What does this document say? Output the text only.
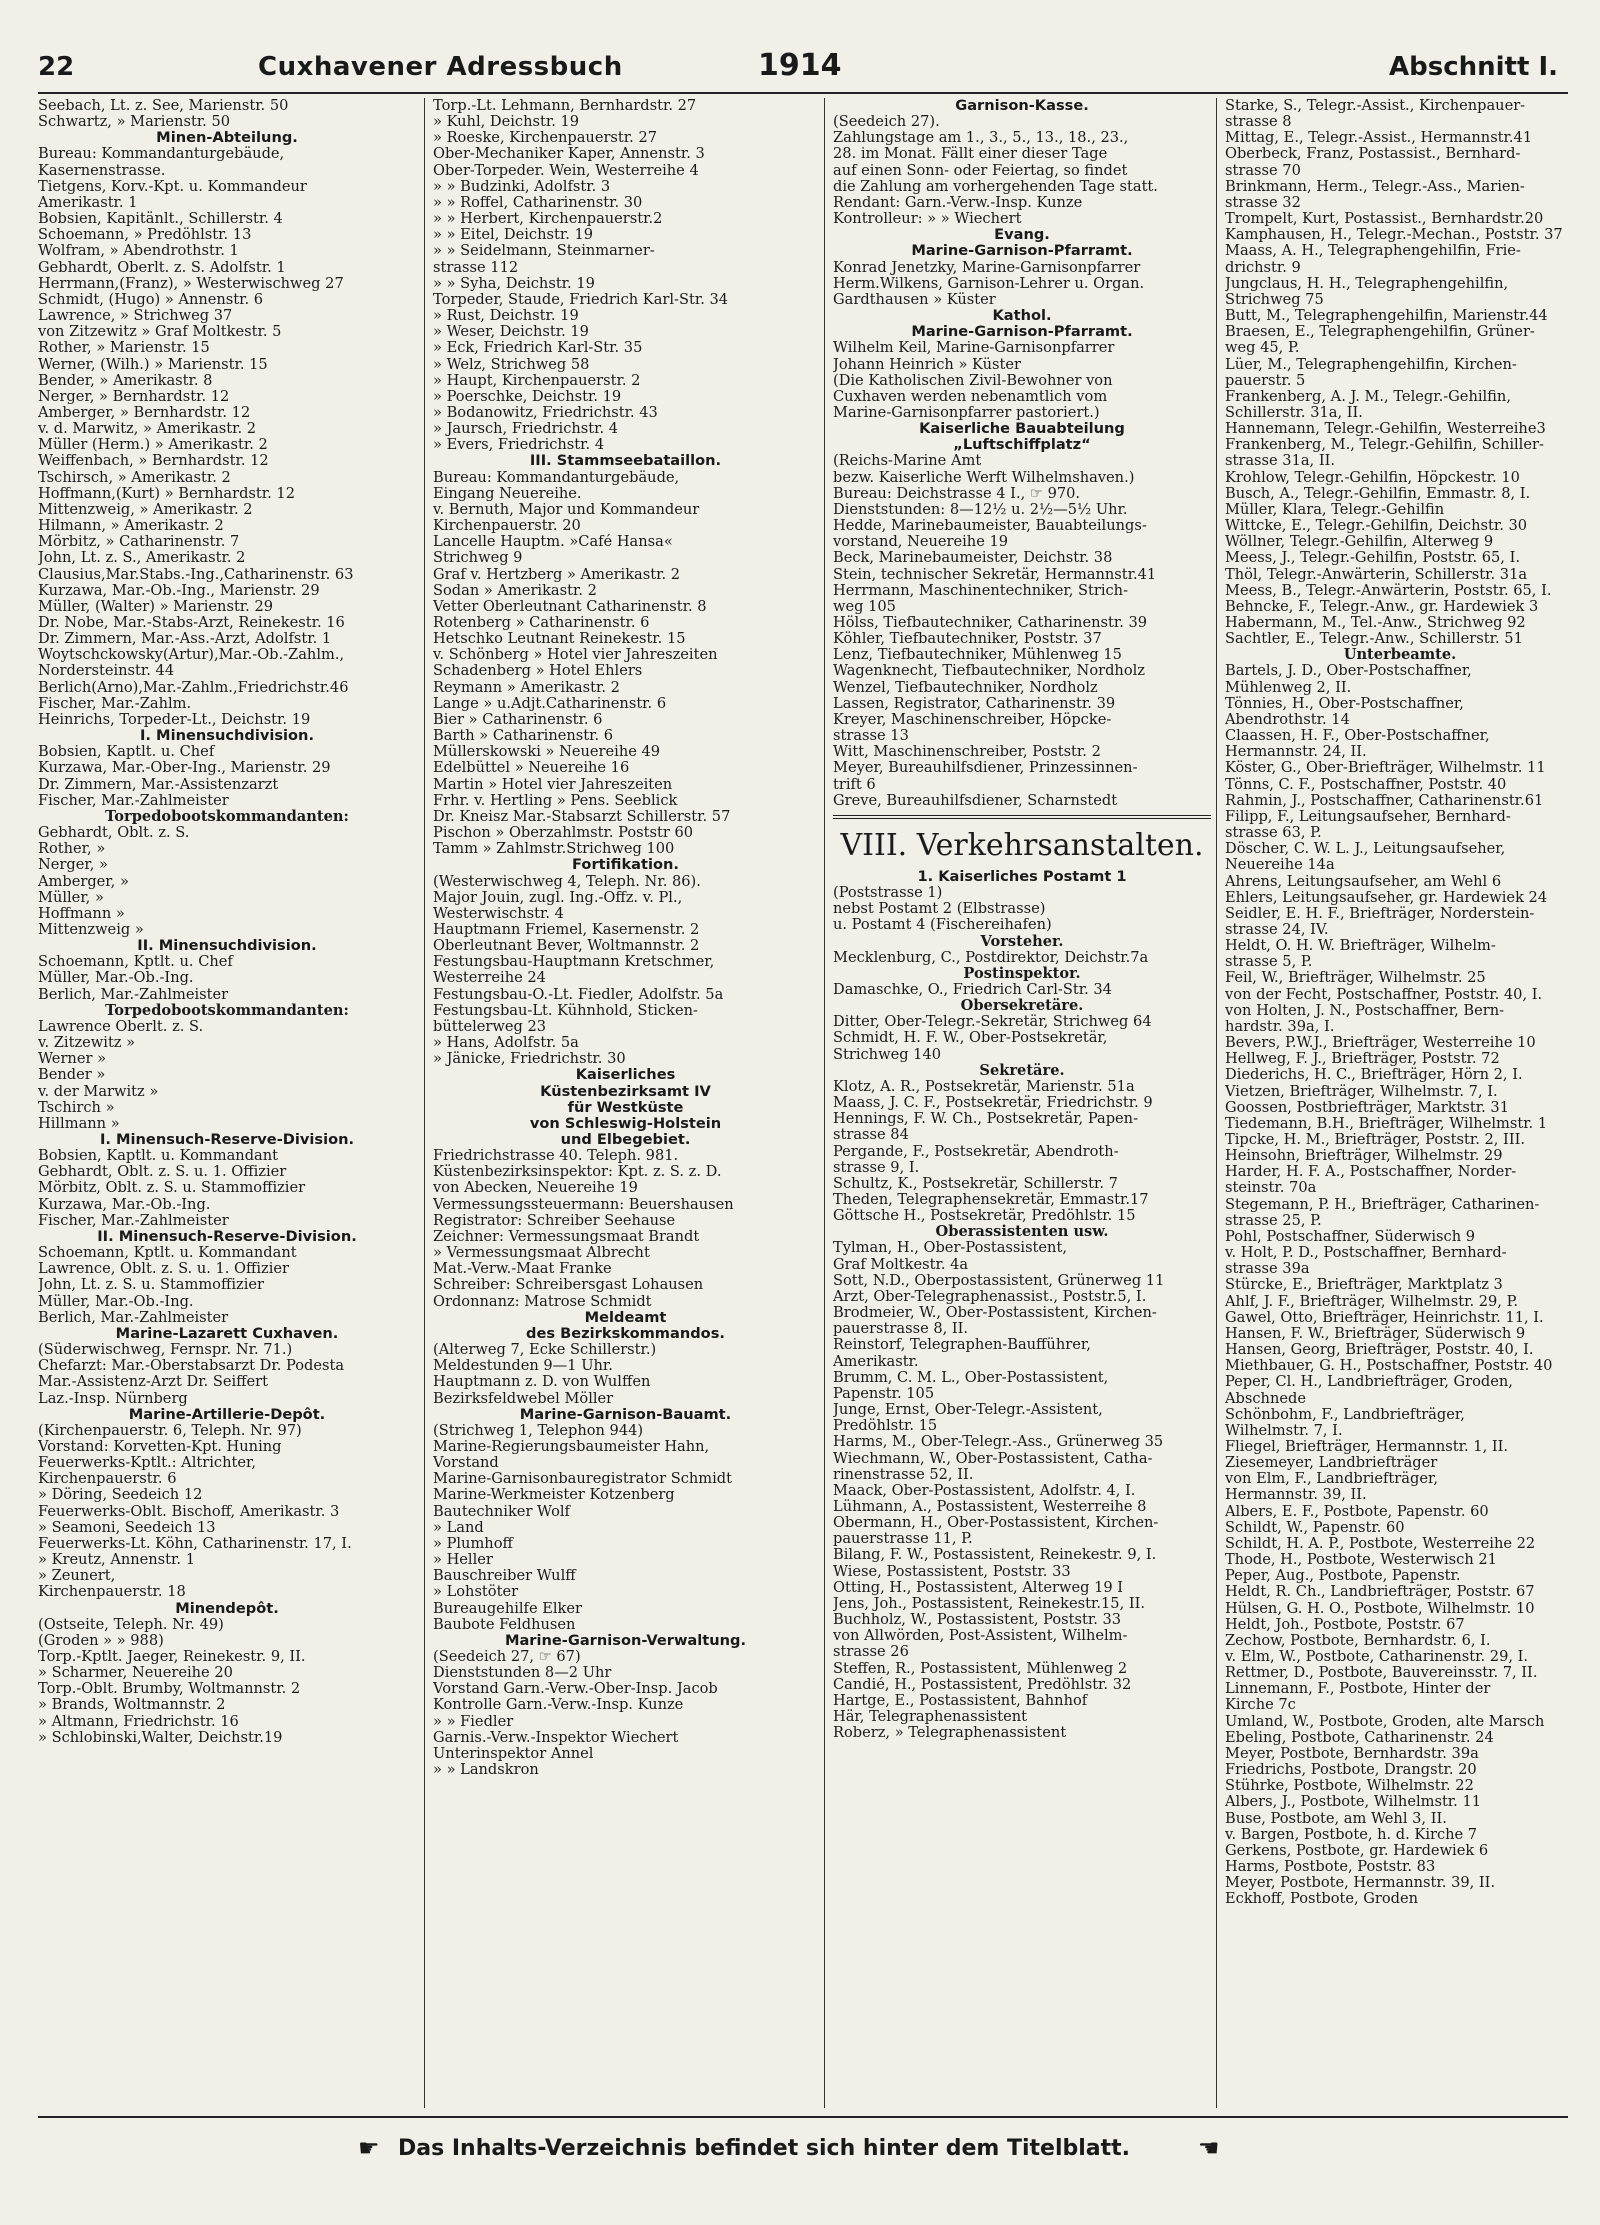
22	Cuxhavener Adressbuch	1914	Abschnitt I.
Seebach, Lt. z. See, Marienstr. 50
Schwartz, » Marienstr. 50
Minen-Abteilung.
Bureau: Kommandanturgebäude,
Kasernenstrasse.
Tietgens, Korv.-Kpt. u. Kommandeur
Amerikastr. 1
Bobsien, Kapitänlt., Schillerstr. 4
Schoemann, » Predöhlstr. 13
Wolfram, » Abendrothstr. 1
Gebhardt, Oberlt. z. S. Adolfstr. 1
Herrmann,(Franz), » Westerwischweg 27
Schmidt, (Hugo) » Annenstr. 6
Lawrence, » Strichweg 37
von Zitzewitz » Graf Moltkestr. 5
Rother, » Marienstr. 15
Werner, (Wilh.) » Marienstr. 15
Bender, » Amerikastr. 8
Nerger, » Bernhardstr. 12
Amberger, » Bernhardstr. 12
v. d. Marwitz, » Amerikastr. 2
Müller (Herm.) » Amerikastr. 2
Weiffenbach, » Bernhardstr. 12
Tschirsch, » Amerikastr. 2
Hoffmann,(Kurt) » Bernhardstr. 12
Mittenzweig, » Amerikastr. 2
Hilmann, » Amerikastr. 2
Mörbitz, » Catharinenstr. 7
John, Lt. z. S., Amerikastr. 2
Clausius,Mar.Stabs.-Ing.,Catharinenstr. 63
Kurzawa, Mar.-Ob.-Ing., Marienstr. 29
Müller, (Walter) » Marienstr. 29
Dr. Nobe, Mar.-Stabs-Arzt, Reinekestr. 16
Dr. Zimmern, Mar.-Ass.-Arzt, Adolfstr. 1
Woytschckowsky(Artur),Mar.-Ob.-Zahlm.,
Nordersteinstr. 44
Berlich(Arno),Mar.-Zahlm.,Friedrichstr.46
Fischer, Mar.-Zahlm.
Heinrichs, Torpeder-Lt., Deichstr. 19
I. Minensuchdivision.
Bobsien, Kaptlt. u. Chef
Kurzawa, Mar.-Ober-Ing., Marienstr. 29
Dr. Zimmern, Mar.-Assistenzarzt
Fischer, Mar.-Zahlmeister
Torpedobootskommandanten:
Gebhardt, Oblt. z. S.
Rother, »
Nerger, »
Amberger, »
Müller, »
Hoffmann »
Mittenzweig »
II. Minensuchdivision.
Schoemann, Kptlt. u. Chef
Müller, Mar.-Ob.-Ing.
Berlich, Mar.-Zahlmeister
Torpedobootskommandanten:
Lawrence Oberlt. z. S.
v. Zitzewitz »
Werner »
Bender »
v. der Marwitz »
Tschirch »
Hillmann »
I. Minensuch-Reserve-Division.
Bobsien, Kaptlt. u. Kommandant
Gebhardt, Oblt. z. S. u. 1. Offizier
Mörbitz, Oblt. z. S. u. Stammoffizier
Kurzawa, Mar.-Ob.-Ing.
Fischer, Mar.-Zahlmeister
II. Minensuch-Reserve-Division.
Schoemann, Kptlt. u. Kommandant
Lawrence, Oblt. z. S. u. 1. Offizier
John, Lt. z. S. u. Stammoffizier
Müller, Mar.-Ob.-Ing.
Berlich, Mar.-Zahlmeister
Marine-Lazarett Cuxhaven.
(Süderwischweg, Fernspr. Nr. 71.)
Chefarzt: Mar.-Oberstabsarzt Dr. Podesta
Mar.-Assistenz-Arzt Dr. Seiffert
Laz.-Insp. Nürnberg
Marine-Artillerie-Depôt.
(Kirchenpauerstr. 6, Teleph. Nr. 97)
Vorstand: Korvetten-Kpt. Huning
Feuerwerks-Kptlt.: Altrichter,
Kirchenpauerstr. 6
» Döring, Seedeich 12
Feuerwerks-Oblt. Bischoff, Amerikastr. 3
» Seamoni, Seedeich 13
Feuerwerks-Lt. Köhn, Catharinenstr. 17, I.
» Kreutz, Annenstr. 1
» Zeunert,
Kirchenpauerstr. 18
Minendepôt.
(Ostseite, Teleph. Nr. 49)
(Groden » » 988)
Torp.-Kptlt. Jaeger, Reinekestr. 9, II.
» Scharmer, Neuereihe 20
Torp.-Oblt. Brumby, Woltmannstr. 2
» Brands, Woltmannstr. 2
» Altmann, Friedrichstr. 16
» Schlobinski,Walter, Deichstr.19
Torp.-Lt. Lehmann, Bernhardstr. 27
» Kuhl, Deichstr. 19
» Roeske, Kirchenpauerstr. 27
Ober-Mechaniker Kaper, Annenstr. 3
Ober-Torpeder. Wein, Westerreihe 4
» » Budzinki, Adolfstr. 3
» » Roffel, Catharinenstr. 30
» » Herbert, Kirchenpauerstr.2
» » Eitel, Deichstr. 19
» » Seidelmann, Steinmarner-
strasse 112
» » Syha, Deichstr. 19
Torpeder, Staude, Friedrich Karl-Str. 34
» Rust, Deichstr. 19
» Weser, Deichstr. 19
» Eck, Friedrich Karl-Str. 35
» Welz, Strichweg 58
» Haupt, Kirchenpauerstr. 2
» Poerschke, Deichstr. 19
» Bodanowitz, Friedrichstr. 43
» Jaursch, Friedrichstr. 4
» Evers, Friedrichstr. 4
III. Stammseebataillon.
Bureau: Kommandanturgebäude,
Eingang Neuereihe.
v. Bernuth, Major und Kommandeur
Kirchenpauerstr. 20
Lancelle Hauptm. »Café Hansa«
Strichweg 9
Graf v. Hertzberg » Amerikastr. 2
Sodan » Amerikastr. 2
Vetter Oberleutnant Catharinenstr. 8
Rotenberg » Catharinenstr. 6
Hetschko Leutnant Reinekestr. 15
v. Schönberg » Hotel vier Jahreszeiten
Schadenberg » Hotel Ehlers
Reymann » Amerikastr. 2
Lange » u.Adjt.Catharinenstr. 6
Bier » Catharinenstr. 6
Barth » Catharinenstr. 6
Müllerskowski » Neuereihe 49
Edelbüttel » Neuereihe 16
Martin » Hotel vier Jahreszeiten
Frhr. v. Hertling » Pens. Seeblick
Dr. Kneisz Mar.-Stabsarzt Schillerstr. 57
Pischon » Oberzahlmstr. Poststr 60
Tamm » Zahlmstr.Strichweg 100
Fortifikation.
(Westerwischweg 4, Teleph. Nr. 86).
Major Jouin, zugl. Ing.-Offz. v. Pl.,
Westerwischstr. 4
Hauptmann Friemel, Kasernenstr. 2
Oberleutnant Bever, Woltmannstr. 2
Festungsbau-Hauptmann Kretschmer,
Westerreihe 24
Festungsbau-O.-Lt. Fiedler, Adolfstr. 5a
Festungsbau-Lt. Kühnhold, Sticken-
büttelerweg 23
» Hans, Adolfstr. 5a
» Jänicke, Friedrichstr. 30
Kaiserliches
Küstenbezirksamt IV
für Westküste
von Schleswig-Holstein
und Elbegebiet.
Friedrichstrasse 40. Teleph. 981.
Küstenbezirksinspektor: Kpt. z. S. z. D.
von Abecken, Neuereihe 19
Vermessungssteuermann: Beuershausen
Registrator: Schreiber Seehause
Zeichner: Vermessungsmaat Brandt
» Vermessungsmaat Albrecht
Mat.-Verw.-Maat Franke
Schreiber: Schreibersgast Lohausen
Ordonnanz: Matrose Schmidt
Meldeamt
des Bezirkskommandos.
(Alterweg 7, Ecke Schillerstr.)
Meldestunden 9—1 Uhr.
Hauptmann z. D. von Wulffen
Bezirksfeldwebel Möller
Marine-Garnison-Bauamt.
(Strichweg 1, Telephon 944)
Marine-Regierungsbaumeister Hahn,
Vorstand
Marine-Garnisonbauregistrator Schmidt
Marine-Werkmeister Kotzenberg
Bautechniker Wolf
» Land
» Plumhoff
» Heller
Bauschreiber Wulff
» Lohstöter
Bureaugehilfe Elker
Baubote Feldhusen
Marine-Garnison-Verwaltung.
(Seedeich 27, ☞ 67)
Dienststunden 8—2 Uhr
Vorstand Garn.-Verw.-Ober-Insp. Jacob
Kontrolle Garn.-Verw.-Insp. Kunze
» » Fiedler
Garnis.-Verw.-Inspektor Wiechert
Unterinspektor Annel
» » Landskron
Garnison-Kasse.
(Seedeich 27).
Zahlungstage am 1., 3., 5., 13., 18., 23.,
28. im Monat. Fällt einer dieser Tage
auf einen Sonn- oder Feiertag, so findet
die Zahlung am vorhergehenden Tage statt.
Rendant: Garn.-Verw.-Insp. Kunze
Kontrolleur: » » Wiechert
Evang.
Marine-Garnison-Pfarramt.
Konrad Jenetzky, Marine-Garnisonpfarrer
Herm.Wilkens, Garnison-Lehrer u. Organ.
Gardthausen » Küster
Kathol.
Marine-Garnison-Pfarramt.
Wilhelm Keil, Marine-Garnisonpfarrer
Johann Heinrich » Küster
(Die Katholischen Zivil-Bewohner von
Cuxhaven werden nebenamtlich vom
Marine-Garnisonpfarrer pastoriert.)
Kaiserliche Bauabteilung
„Luftschiffplatz“
(Reichs-Marine Amt
bezw. Kaiserliche Werft Wilhelmshaven.)
Bureau: Deichstrasse 4 I., ☞ 970.
Dienststunden: 8—12½ u. 2½—5½ Uhr.
Hedde, Marinebaumeister, Bauabteilungs-
vorstand, Neuereihe 19
Beck, Marinebaumeister, Deichstr. 38
Stein, technischer Sekretär, Hermannstr.41
Herrmann, Maschinentechniker, Strich-
weg 105
Hölss, Tiefbautechniker, Catharinenstr. 39
Köhler, Tiefbautechniker, Poststr. 37
Lenz, Tiefbautechniker, Mühlenweg 15
Wagenknecht, Tiefbautechniker, Nordholz
Wenzel, Tiefbautechniker, Nordholz
Lassen, Registrator, Catharinenstr. 39
Kreyer, Maschinenschreiber, Höpcke-
strasse 13
Witt, Maschinenschreiber, Poststr. 2
Meyer, Bureauhilfsdiener, Prinzessinnen-
trift 6
Greve, Bureauhilfsdiener, Scharnstedt
VIII. Verkehrsanstalten.
1. Kaiserliches Postamt 1
(Poststrasse 1)
nebst Postamt 2 (Elbstrasse)
u. Postamt 4 (Fischereihafen)
Vorsteher.
Mecklenburg, C., Postdirektor, Deichstr.7a
Postinspektor.
Damaschke, O., Friedrich Carl-Str. 34
Obersekretäre.
Ditter, Ober-Telegr.-Sekretär, Strichweg 64
Schmidt, H. F. W., Ober-Postsekretär,
Strichweg 140
Sekretäre.
Klotz, A. R., Postsekretär, Marienstr. 51a
Maass, J. C. F., Postsekretär, Friedrichstr. 9
Hennings, F. W. Ch., Postsekretär, Papen-
strasse 84
Pergande, F., Postsekretär, Abendroth-
strasse 9, I.
Schultz, K., Postsekretär, Schillerstr. 7
Theden, Telegraphensekretär, Emmastr.17
Göttsche H., Postsekretär, Predöhlstr. 15
Oberassistenten usw.
Tylman, H., Ober-Postassistent,
Graf Moltkestr. 4a
Sott, N.D., Oberpostassistent, Grünerweg 11
Arzt, Ober-Telegraphenassist., Poststr.5, I.
Brodmeier, W., Ober-Postassistent, Kirchen-
pauerstrasse 8, II.
Reinstorf, Telegraphen-Baufführer,
Amerikastr.
Brumm, C. M. L., Ober-Postassistent,
Papenstr. 105
Junge, Ernst, Ober-Telegr.-Assistent,
Predöhlstr. 15
Harms, M., Ober-Telegr.-Ass., Grünerweg 35
Wiechmann, W., Ober-Postassistent, Catha-
rinenstrasse 52, II.
Maack, Ober-Postassistent, Adolfstr. 4, I.
Lühmann, A., Postassistent, Westerreihe 8
Obermann, H., Ober-Postassistent, Kirchen-
pauerstrasse 11, P.
Bilang, F. W., Postassistent, Reinekestr. 9, I.
Wiese, Postassistent, Poststr. 33
Ötting, H., Postassistent, Alterweg 19 I
Jens, Joh., Postassistent, Reinekestr.15, II.
Buchholz, W., Postassistent, Poststr. 33
von Allwörden, Post-Assistent, Wilhelm-
strasse 26
Steffen, R., Postassistent, Mühlenweg 2
Candié, H., Postassistent, Predöhlstr. 32
Hartge, E., Postassistent, Bahnhof
Här, Telegraphenassistent
Roberz, » Telegraphenassistent
Starke, S., Telegr.-Assist., Kirchenpauer-
strasse 8
Mittag, E., Telegr.-Assist., Hermannstr.41
Oberbeck, Franz, Postassist., Bernhard-
strasse 70
Brinkmann, Herm., Telegr.-Ass., Marien-
strasse 32
Trompelt, Kurt, Postassist., Bernhardstr.20
Kamphausen, H., Telegr.-Mechan., Poststr. 37
Maass, A. H., Telegraphengehilfin, Frie-
drichstr. 9
Jungclaus, H. H., Telegraphengehilfin,
Strichweg 75
Butt, M., Telegraphengehilfin, Marienstr.44
Braesen, E., Telegraphengehilfin, Grüner-
weg 45, P.
Lüer, M., Telegraphengehilfin, Kirchen-
pauerstr. 5
Frankenberg, A. J. M., Telegr.-Gehilfin,
Schillerstr. 31a, II.
Hannemann, Telegr.-Gehilfin, Westerreihe3
Frankenberg, M., Telegr.-Gehilfin, Schiller-
strasse 31a, II.
Krohlow, Telegr.-Gehilfin, Höpckestr. 10
Busch, A., Telegr.-Gehilfin, Emmastr. 8, I.
Müller, Klara, Telegr.-Gehilfin
Wittcke, E., Telegr.-Gehilfin, Deichstr. 30
Wöllner, Telegr.-Gehilfin, Alterweg 9
Meess, J., Telegr.-Gehilfin, Poststr. 65, I.
Thöl, Telegr.-Anwärterin, Schillerstr. 31a
Meess, B., Telegr.-Anwärterin, Poststr. 65, I.
Behncke, F., Telegr.-Anw., gr. Hardewiek 3
Habermann, M., Tel.-Anw., Strichweg 92
Sachtler, E., Telegr.-Anw., Schillerstr. 51
Unterbeamte.
Bartels, J. D., Ober-Postschaffner,
Mühlenweg 2, II.
Tönnies, H., Ober-Postschaffner,
Abendrothstr. 14
Claassen, H. F., Ober-Postschaffner,
Hermannstr. 24, II.
Köster, G., Ober-Briefträger, Wilhelmstr. 11
Tönns, C. F., Postschaffner, Poststr. 40
Rahmin, J., Postschaffner, Catharinenstr.61
Filipp, F., Leitungsaufseher, Bernhard-
strasse 63, P.
Döscher, C. W. L. J., Leitungsaufseher,
Neuereihe 14a
Ahrens, Leitungsaufseher, am Wehl 6
Ehlers, Leitungsaufseher, gr. Hardewiek 24
Seidler, E. H. F., Briefträger, Norderstein-
strasse 24, IV.
Heldt, O. H. W. Briefträger, Wilhelm-
strasse 5, P.
Feil, W., Briefträger, Wilhelmstr. 25
von der Fecht, Postschaffner, Poststr. 40, I.
von Holten, J. N., Postschaffner, Bern-
hardstr. 39a, I.
Bevers, P.W.J., Briefträger, Westerreihe 10
Hellweg, F. J., Briefträger, Poststr. 72
Diederichs, H. C., Briefträger, Hörn 2, I.
Vietzen, Briefträger, Wilhelmstr. 7, I.
Goossen, Postbriefträger, Marktstr. 31
Tiedemann, B.H., Briefträger, Wilhelmstr. 1
Tipcke, H. M., Briefträger, Poststr. 2, III.
Heinsohn, Briefträger, Wilhelmstr. 29
Harder, H. F. A., Postschaffner, Norder-
steinstr. 70a
Stegemann, P. H., Briefträger, Catharinen-
strasse 25, P.
Pohl, Postschaffner, Süderwisch 9
v. Holt, P. D., Postschaffner, Bernhard-
strasse 39a
Stürcke, E., Briefträger, Marktplatz 3
Ahlf, J. F., Briefträger, Wilhelmstr. 29, P.
Gawel, Otto, Briefträger, Heinrichstr. 11, I.
Hansen, F. W., Briefträger, Süderwisch 9
Hansen, Georg, Briefträger, Poststr. 40, I.
Miethbauer, G. H., Postschaffner, Poststr. 40
Peper, Cl. H., Landbriefträger, Groden,
Abschnede
Schönbohm, F., Landbriefträger,
Wilhelmstr. 7, I.
Fliegel, Briefträger, Hermannstr. 1, II.
Ziesemeyer, Landbriefträger
von Elm, F., Landbriefträger,
Hermannstr. 39, II.
Albers, E. F., Postbote, Papenstr. 60
Schildt, W., Papenstr. 60
Schildt, H. A. P., Postbote, Westerreihe 22
Thode, H., Postbote, Westerwisch 21
Peper, Aug., Postbote, Papenstr.
Heldt, R. Ch., Landbriefträger, Poststr. 67
Hülsen, G. H. O., Postbote, Wilhelmstr. 10
Heldt, Joh., Postbote, Poststr. 67
Zechow, Postbote, Bernhardstr. 6, I.
v. Elm, W., Postbote, Catharinenstr. 29, I.
Rettmer, D., Postbote, Bauvereinsstr. 7, II.
Linnemann, F., Postbote, Hinter der
Kirche 7c
Umland, W., Postbote, Groden, alte Marsch
Ebeling, Postbote, Catharinenstr. 24
Meyer, Postbote, Bernhardstr. 39a
Friedrichs, Postbote, Drangstr. 20
Stührke, Postbote, Wilhelmstr. 22
Albers, J., Postbote, Wilhelmstr. 11
Buse, Postbote, am Wehl 3, II.
v. Bargen, Postbote, h. d. Kirche 7
Gerkens, Postbote, gr. Hardewiek 6
Harms, Postbote, Poststr. 83
Meyer, Postbote, Hermannstr. 39, II.
Eckhoff, Postbote, Groden
☛ Das Inhalts-Verzeichnis befindet sich hinter dem Titelblatt.	☛
